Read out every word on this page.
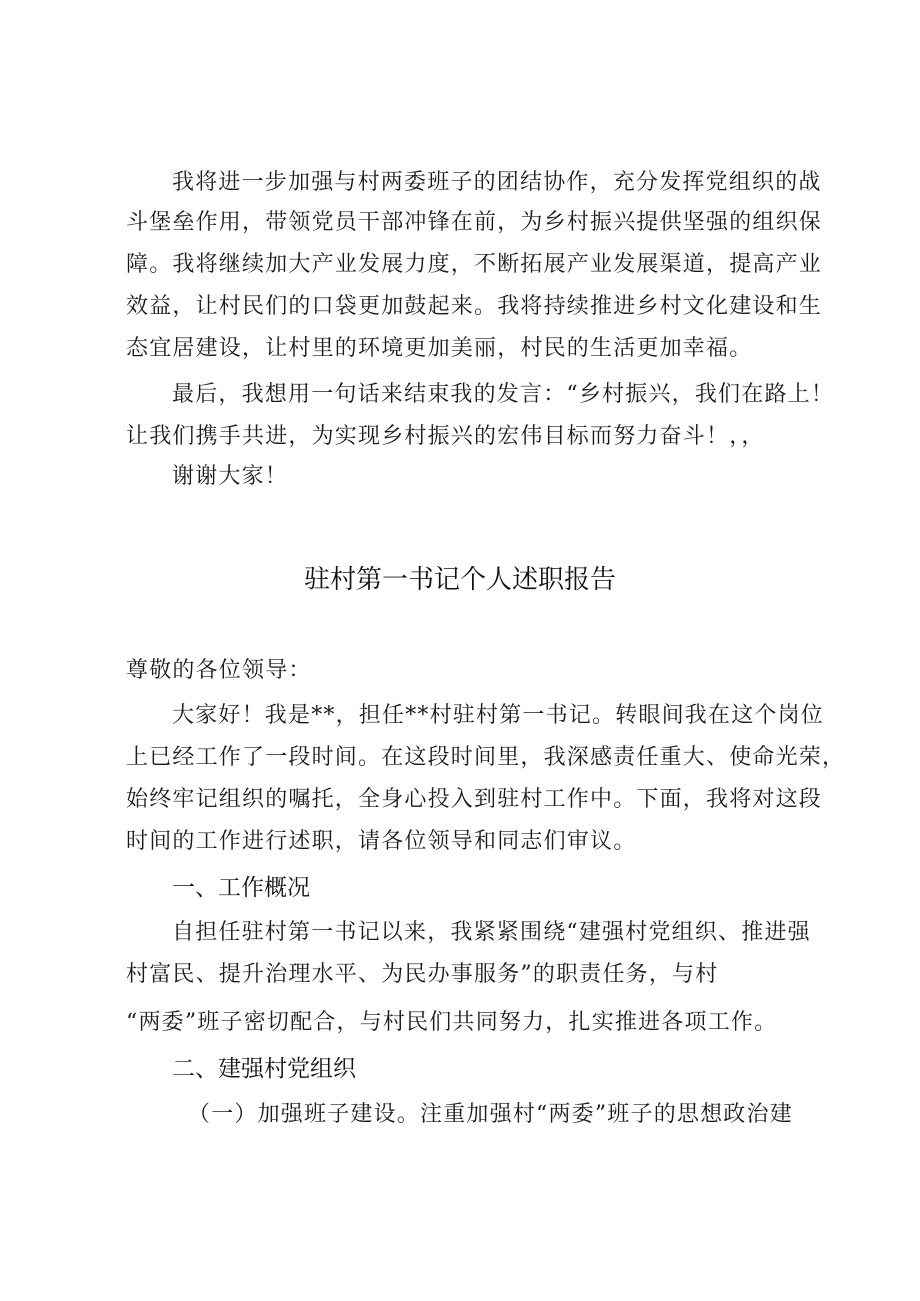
我将进一步加强与村两委班子的团结协作，充分发挥党组织的战
斗堡垒作用，带领党员干部冲锋在前，为乡村振兴提供坚强的组织保
障。我将继续加大产业发展力度，不断拓展产业发展渠道，提高产业
效益，让村民们的口袋更加鼓起来。我将持续推进乡村文化建设和生
态宜居建设，让村里的环境更加美丽，村民的生活更加幸福。
最后，我想用一句话来结束我的发言：“乡村振兴，我们在路上！
让我们携手共进，为实现乡村振兴的宏伟目标而努力奋斗！，，
谢谢大家！
驻村第一书记个人述职报告
尊敬的各位领导：
大家好！我是**，担任**村驻村第一书记。转眼间我在这个岗位
上已经工作了一段时间。在这段时间里，我深感责任重大、使命光荣，
始终牢记组织的嘱托，全身心投入到驻村工作中。下面，我将对这段
时间的工作进行述职，请各位领导和同志们审议。
一、工作概况
自担任驻村第一书记以来，我紧紧围绕“建强村党组织、推进强
村富民、提升治理水平、为民办事服务”的职责任务，与村
“两委”班子密切配合，与村民们共同努力，扎实推进各项工作。
二、建强村党组织
（一）加强班子建设。注重加强村“两委”班子的思想政治建
